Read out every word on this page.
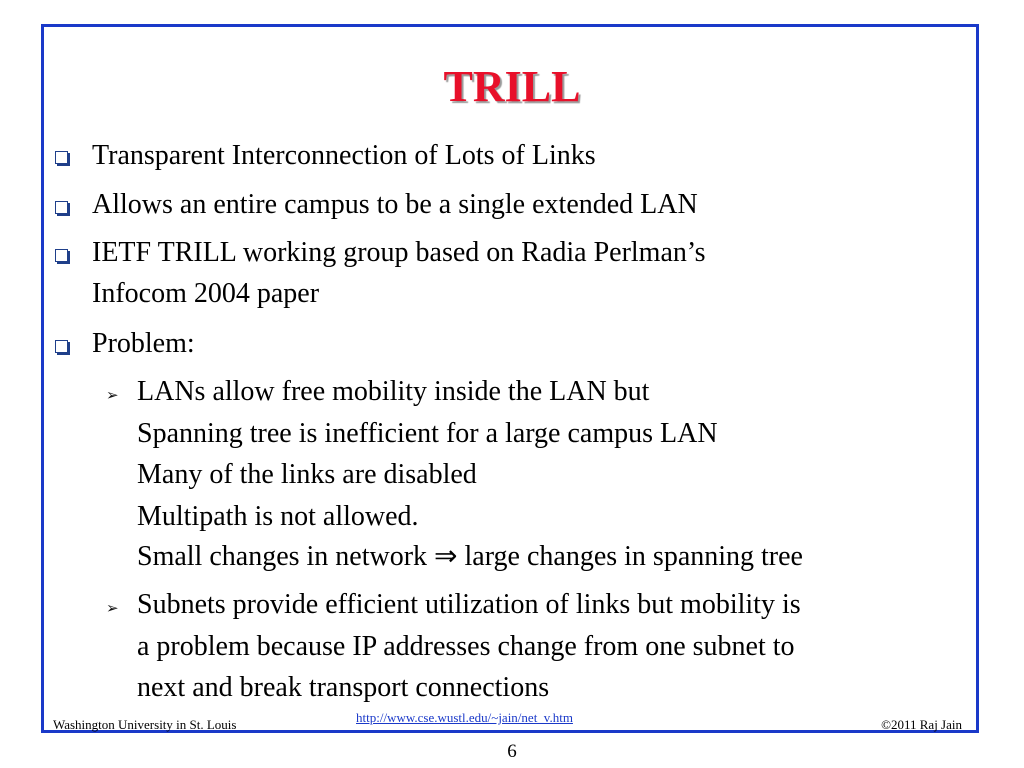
TRILL
Transparent Interconnection of Lots of Links
Allows an entire campus to be a single extended LAN
IETF TRILL working group based on Radia Perlman’s
Infocom 2004 paper
Problem:
➢ LANs allow free mobility inside the LAN but
Spanning tree is inefficient for a large campus LAN
Many of the links are disabled
Multipath is not allowed.
Small changes in network ⇒ large changes in spanning tree
➢ Subnets provide efficient utilization of links but mobility is
a problem because IP addresses change from one subnet to
next and break transport connections
Washington University in St. Louis	http://www.cse.wustl.edu/~jain/net_v.htm	©2011 Raj Jain
6
